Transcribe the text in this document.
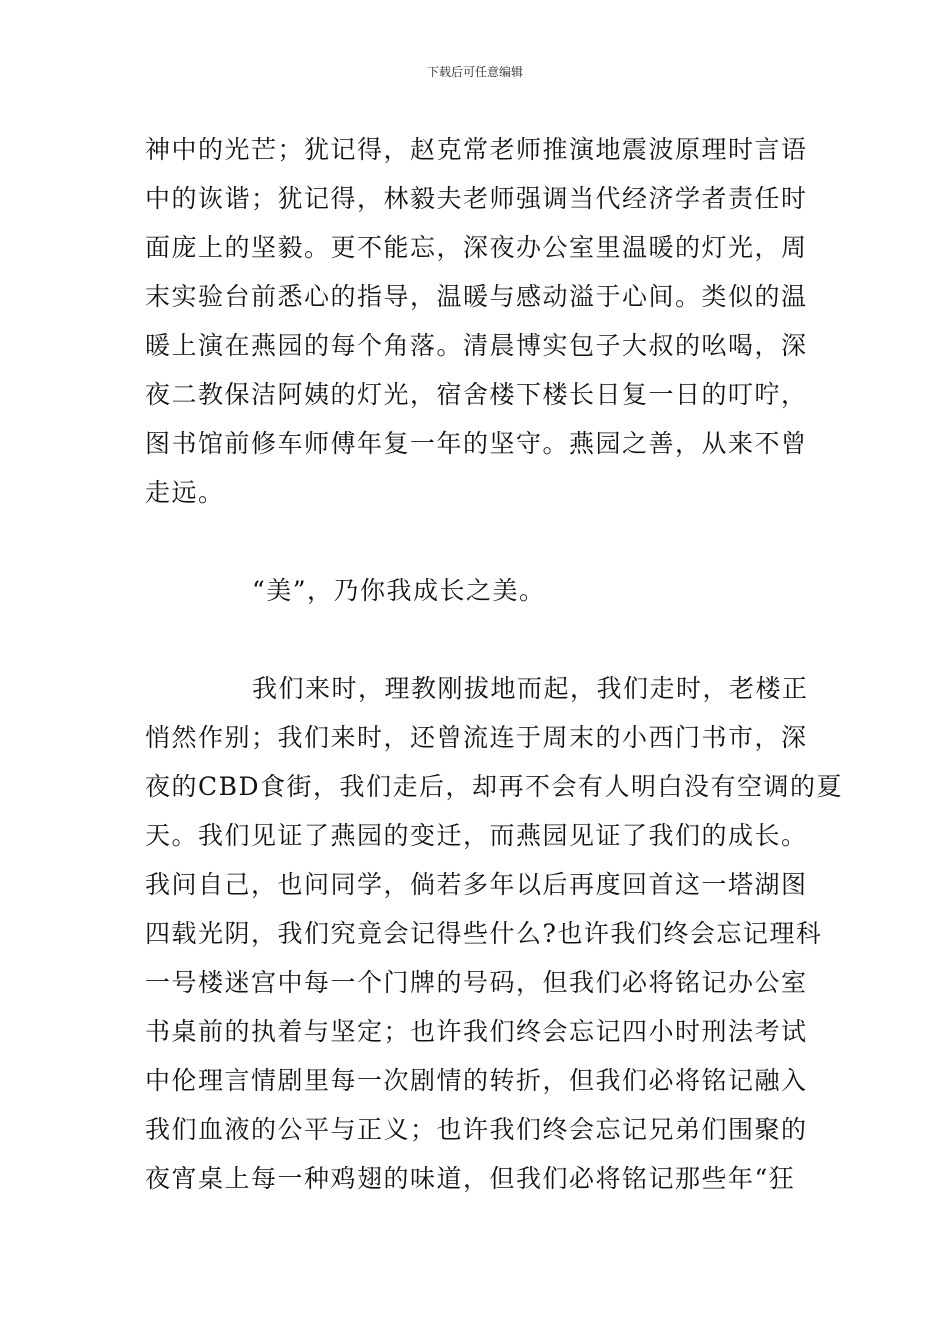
下载后可任意编辑
神中的光芒；犹记得，赵克常老师推演地震波原理时言语
中的诙谐；犹记得，林毅夫老师强调当代经济学者责任时
面庞上的坚毅。更不能忘，深夜办公室里温暖的灯光，周
末实验台前悉心的指导，温暖与感动溢于心间。类似的温
暖上演在燕园的每个角落。清晨博实包子大叔的吆喝，深
夜二教保洁阿姨的灯光，宿舍楼下楼长日复一日的叮咛，
图书馆前修车师傅年复一年的坚守。燕园之善，从来不曾
走远。
“美”，乃你我成长之美。
我们来时，理教刚拔地而起，我们走时，老楼正
悄然作别；我们来时，还曾流连于周末的小西门书市，深
夜的CBD食街，我们走后，却再不会有人明白没有空调的夏
天。我们见证了燕园的变迁，而燕园见证了我们的成长。
我问自己，也问同学，倘若多年以后再度回首这一塔湖图
四载光阴，我们究竟会记得些什么?也许我们终会忘记理科
一号楼迷宫中每一个门牌的号码，但我们必将铭记办公室
书桌前的执着与坚定；也许我们终会忘记四小时刑法考试
中伦理言情剧里每一次剧情的转折，但我们必将铭记融入
我们血液的公平与正义；也许我们终会忘记兄弟们围聚的
夜宵桌上每一种鸡翅的味道，但我们必将铭记那些年“狂
